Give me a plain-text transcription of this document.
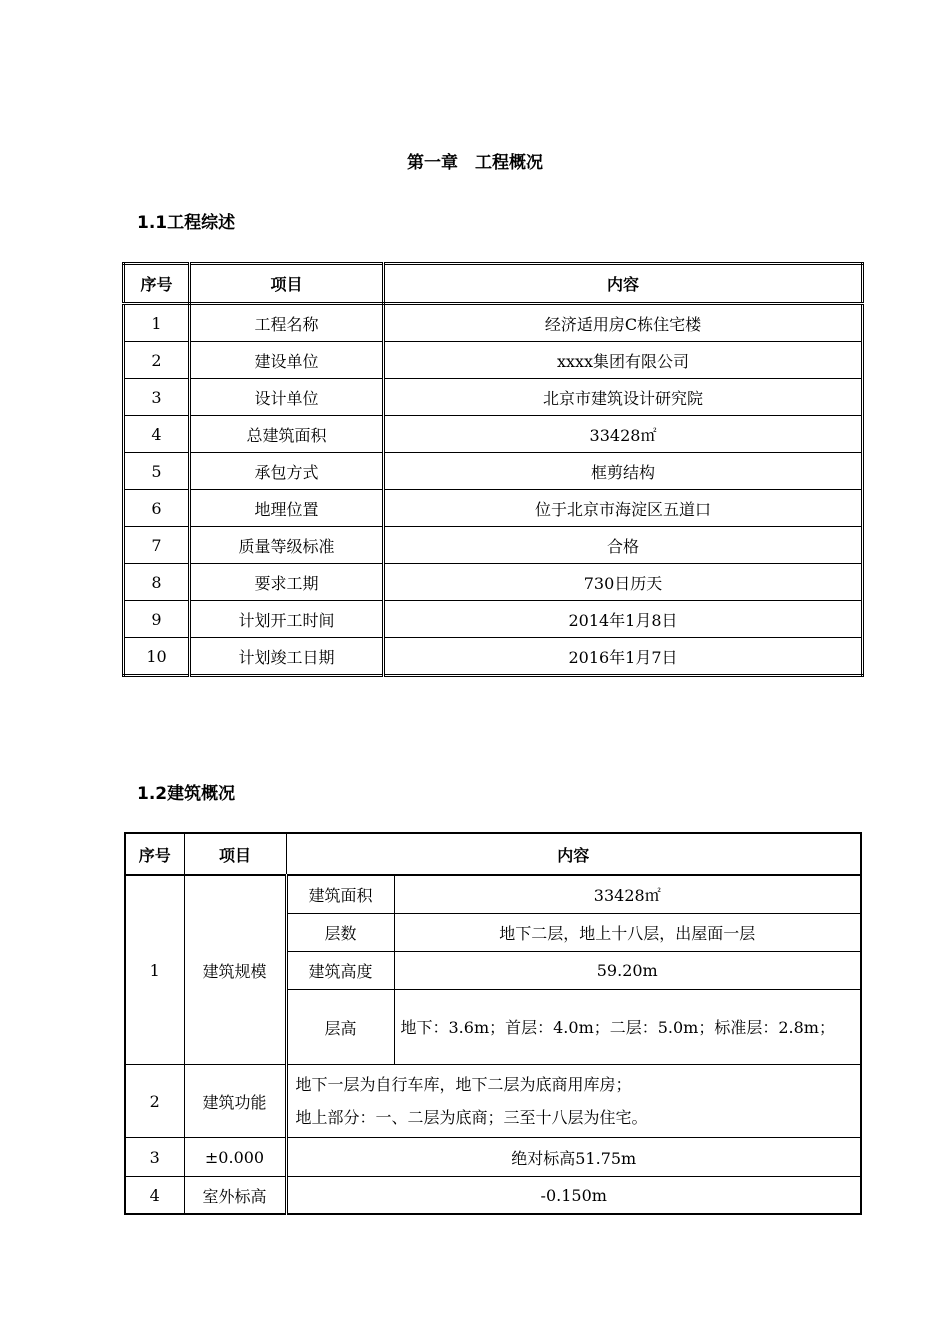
第一章　工程概况
1.1工程综述
序号	项目	内容
1	工程名称	经济适用房C栋住宅楼
2	建设单位	xxxx集团有限公司
3	设计单位	北京市建筑设计研究院
4	总建筑面积	33428㎡
5	承包方式	框剪结构
6	地理位置	位于北京市海淀区五道口
7	质量等级标准	合格
8	要求工期	730日历天
9	计划开工时间	2014年1月8日
10	计划竣工日期	2016年1月7日
1.2建筑概况
序号	项目	内容	
1	建筑规模	建筑面积	33428㎡
		层数	地下二层，地上十八层，出屋面一层
		建筑高度	59.20m
		层高	地下：3.6m；首层：4.0m；二层：5.0m；标准层：2.8m；
2	建筑功能	地下一层为自行车库，地下二层为底商用库房；
地上部分：一、二层为底商；三至十八层为住宅。	

3	±0.000	绝对标高51.75m	
4	室外标高	-0.150m	
